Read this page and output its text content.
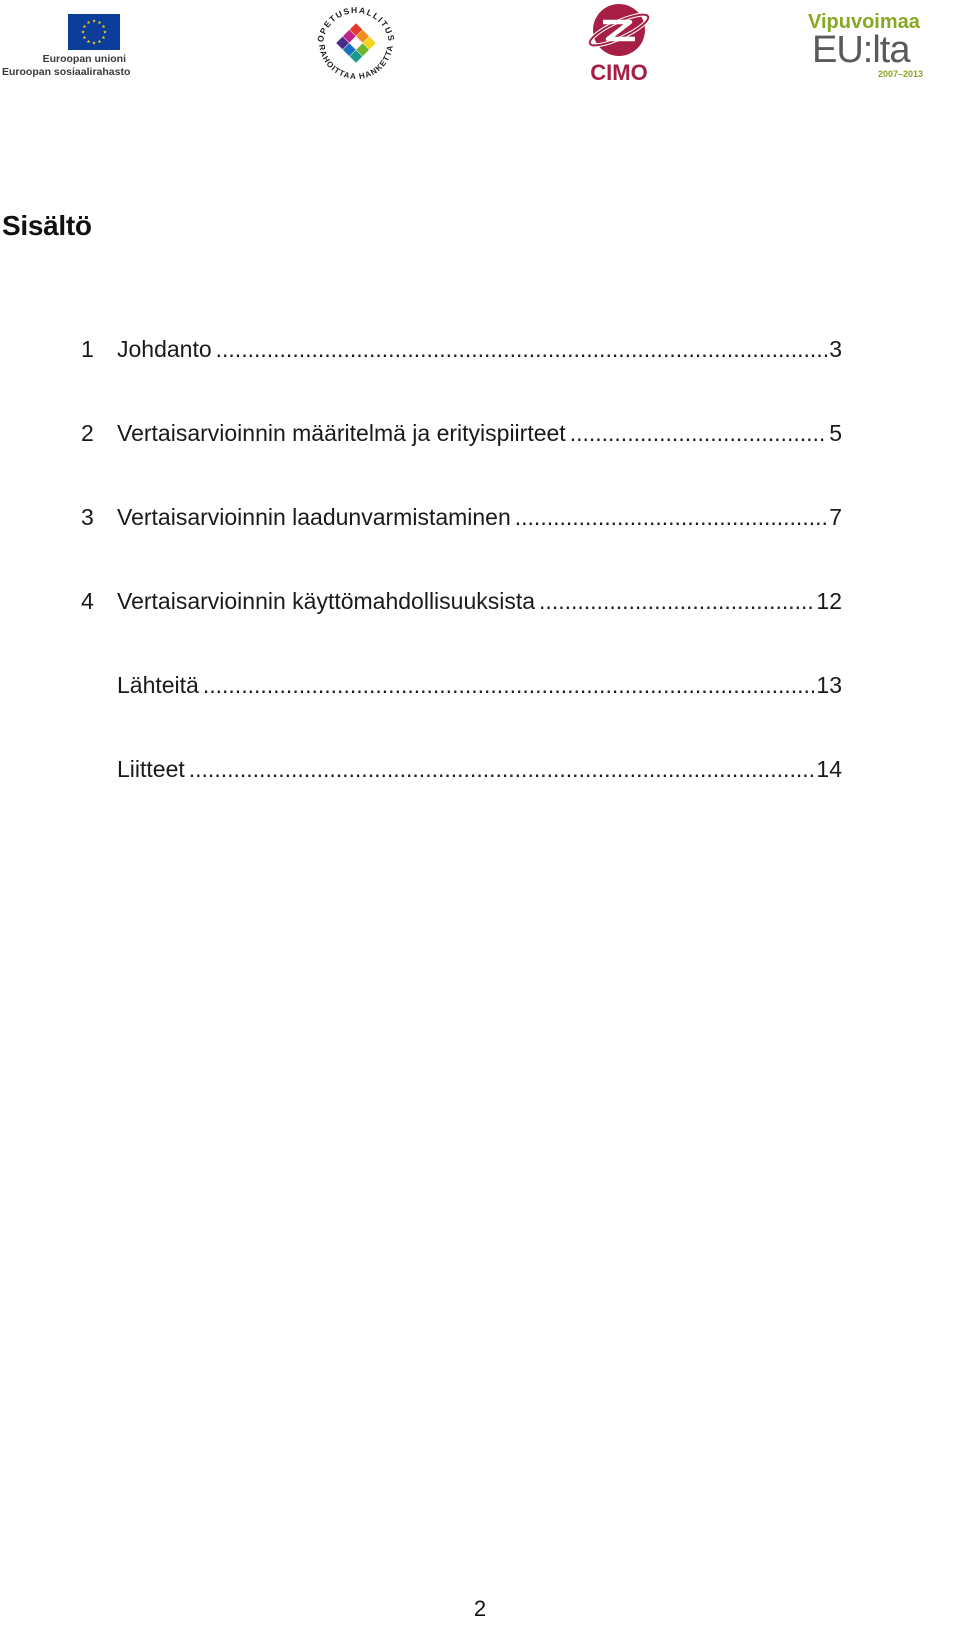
Euroopan unioni
Euroopan sosiaalirahasto
OPETUSHALLITUS
RAHOITTAA HANKETTA
CIMO
Vipuvoimaa
EU:lta
2007–2013
Sisältö
1 Johdanto .....	3
2 Vertaisarvioinnin määritelmä ja erityispiirteet .....	5
3 Vertaisarvioinnin laadunvarmistaminen .....	7
4 Vertaisarvioinnin käyttömahdollisuuksista .....	12
Lähteitä .....	13
Liitteet .....	14
2
